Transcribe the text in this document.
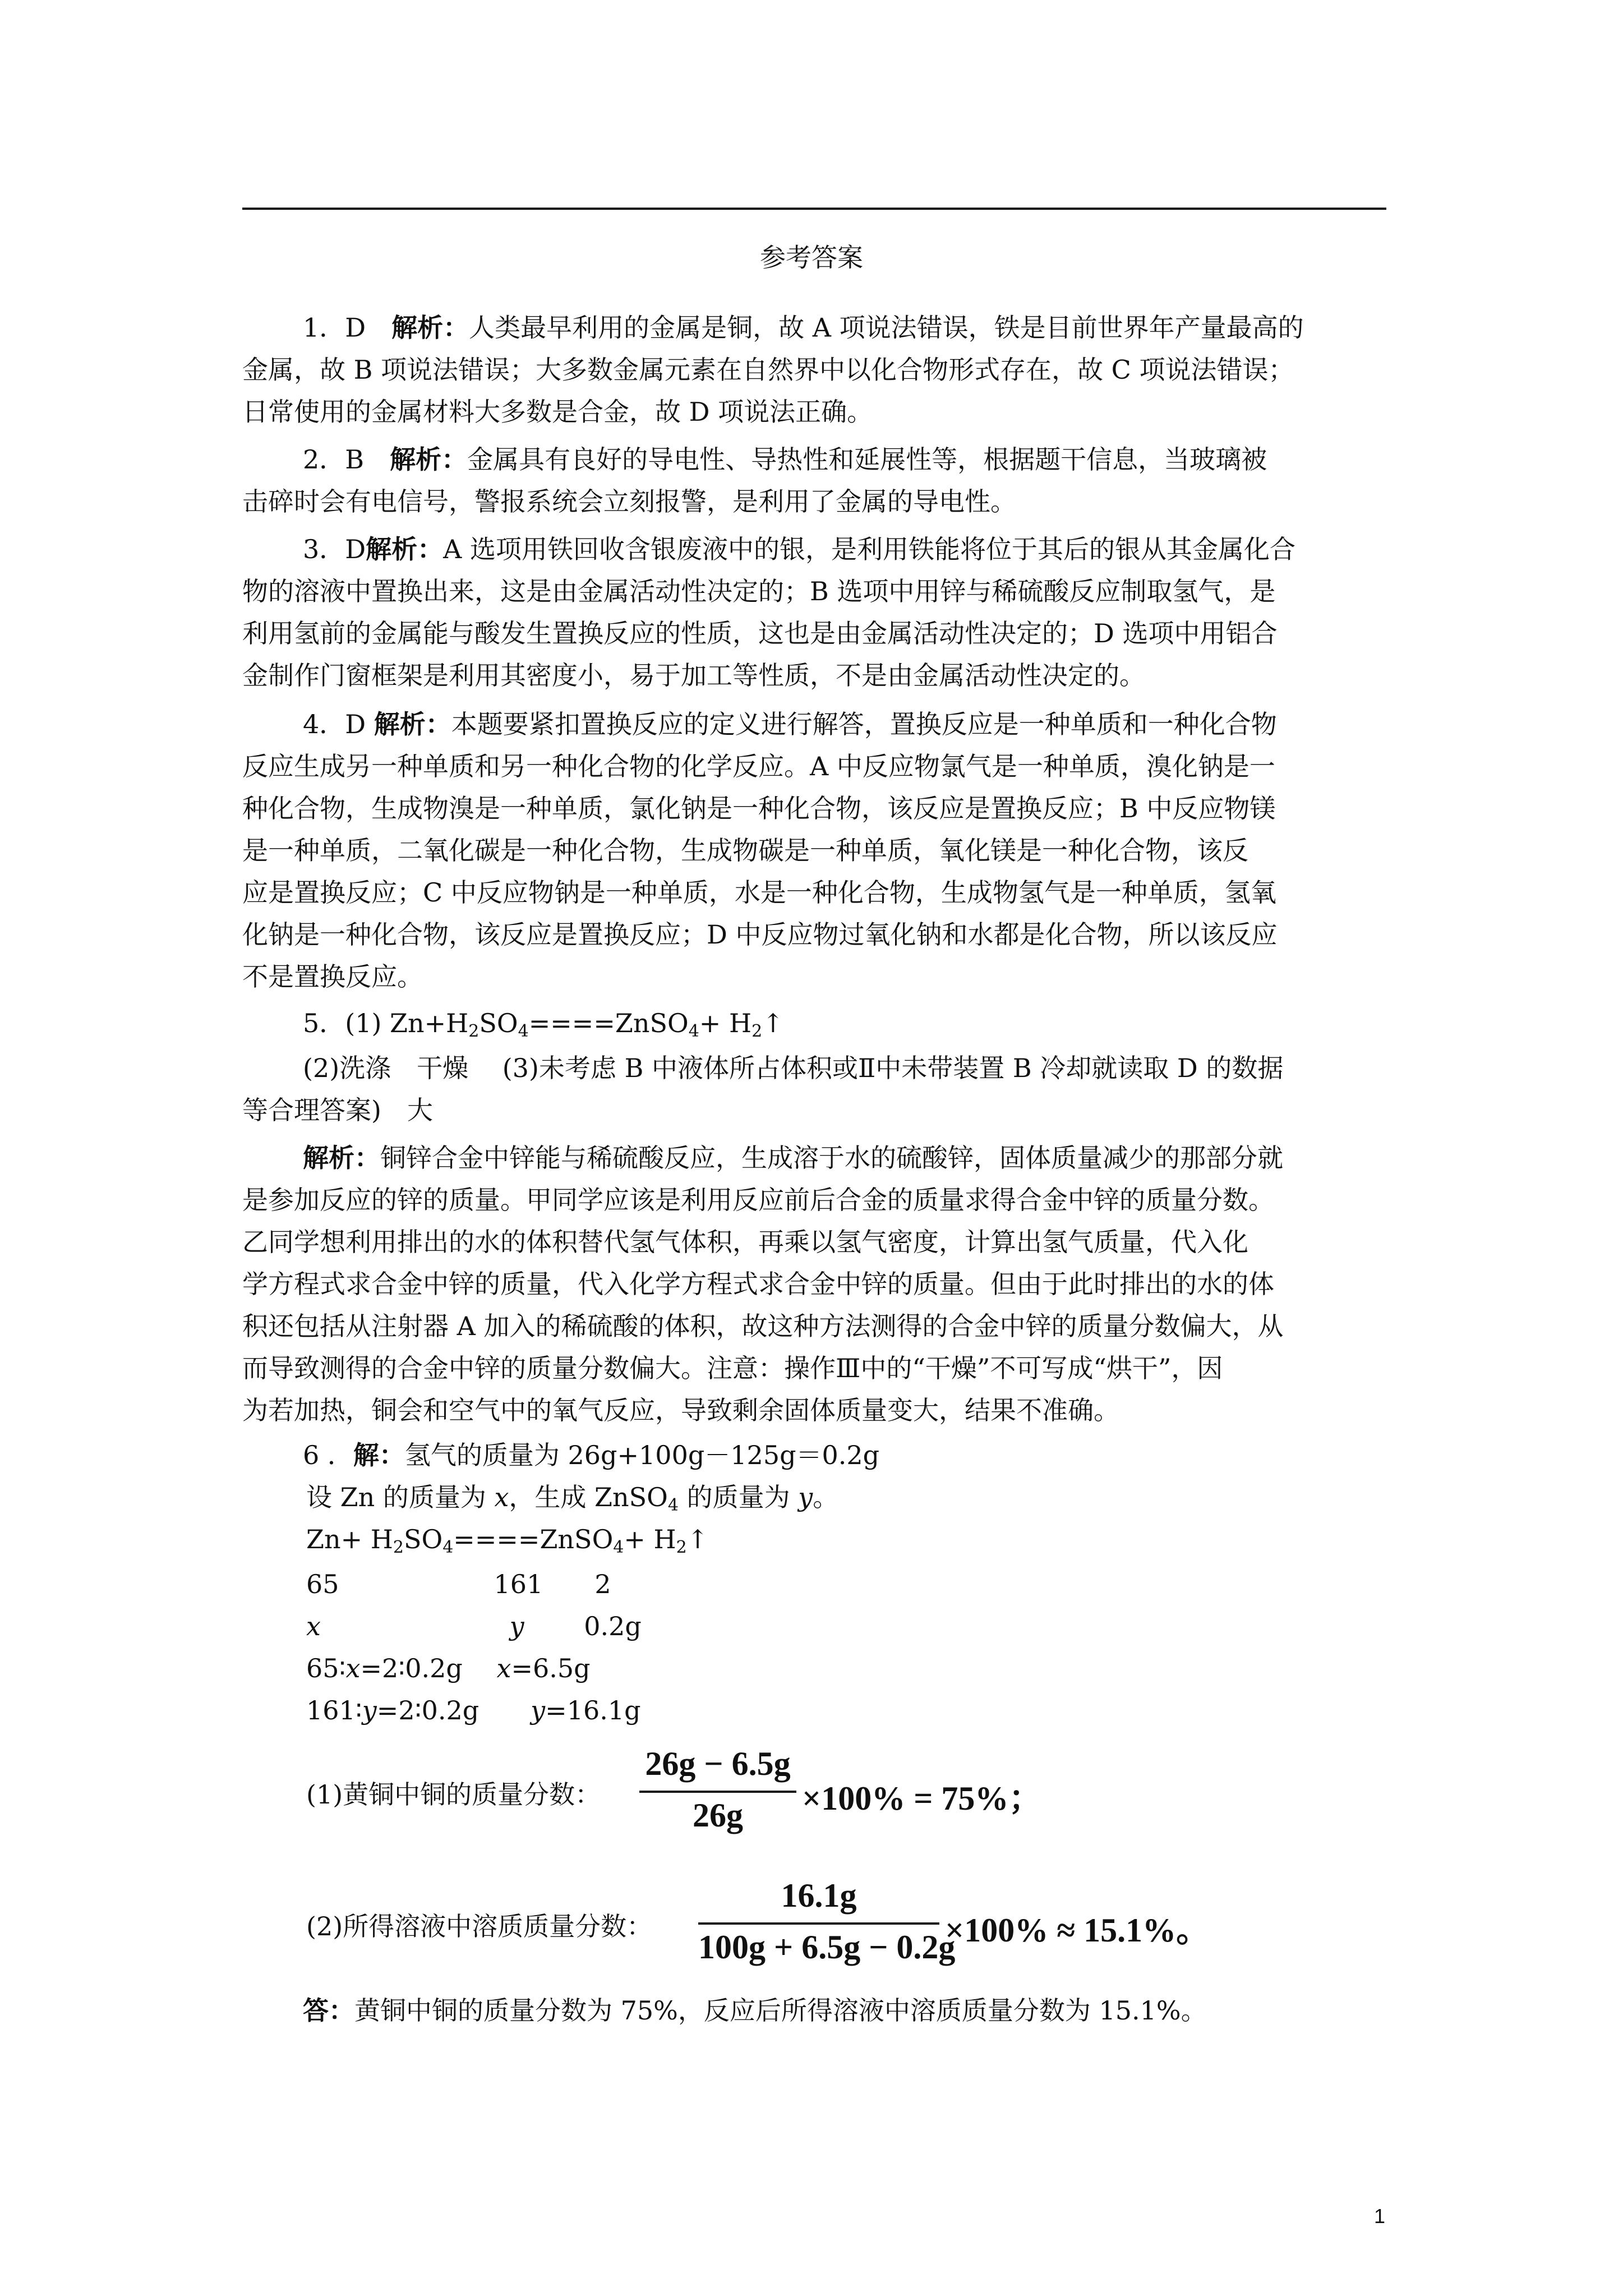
参考答案
1．D　解析：人类最早利用的金属是铜，故 A 项说法错误，铁是目前世界年产量最高的
金属，故 B 项说法错误；大多数金属元素在自然界中以化合物形式存在，故 C 项说法错误；
日常使用的金属材料大多数是合金，故 D 项说法正确。
2．B　解析：金属具有良好的导电性、导热性和延展性等，根据题干信息，当玻璃被
击碎时会有电信号，警报系统会立刻报警，是利用了金属的导电性。
3．D解析：A 选项用铁回收含银废液中的银，是利用铁能将位于其后的银从其金属化合
物的溶液中置换出来，这是由金属活动性决定的；B 选项中用锌与稀硫酸反应制取氢气，是
利用氢前的金属能与酸发生置换反应的性质，这也是由金属活动性决定的；D 选项中用铝合
金制作门窗框架是利用其密度小，易于加工等性质，不是由金属活动性决定的。
4．D 解析：本题要紧扣置换反应的定义进行解答，置换反应是一种单质和一种化合物
反应生成另一种单质和另一种化合物的化学反应。A 中反应物氯气是一种单质，溴化钠是一
种化合物，生成物溴是一种单质，氯化钠是一种化合物，该反应是置换反应；B 中反应物镁
是一种单质，二氧化碳是一种化合物，生成物碳是一种单质，氧化镁是一种化合物，该反
应是置换反应；C 中反应物钠是一种单质，水是一种化合物，生成物氢气是一种单质，氢氧
化钠是一种化合物，该反应是置换反应；D 中反应物过氧化钠和水都是化合物，所以该反应
不是置换反应。
5．(1) $Zn+H_2SO_4====ZnSO_4+$ $H_2↑$
(2)洗涤　干燥　 (3)未考虑 B 中液体所占体积或Ⅱ中未带装置 B 冷却就读取 D 的数据
等合理答案)　大
解析：铜锌合金中锌能与稀硫酸反应，生成溶于水的硫酸锌，固体质量减少的那部分就
是参加反应的锌的质量。甲同学应该是利用反应前后合金的质量求得合金中锌的质量分数。
乙同学想利用排出的水的体积替代氢气体积，再乘以氢气密度，计算出氢气质量，代入化
学方程式求合金中锌的质量，代入化学方程式求合金中锌的质量。但由于此时排出的水的体
积还包括从注射器 A 加入的稀硫酸的体积，故这种方法测得的合金中锌的质量分数偏大，从
而导致测得的合金中锌的质量分数偏大。注意：操作Ⅲ中的“干燥”不可写成“烘干”，因
为若加热，铜会和空气中的氧气反应，导致剩余固体质量变大，结果不准确。
6 ．解：氢气的质量为 26g+100g－125g＝0.2g
设 Zn 的质量为 x，生成 ZnSO$_4$ 的质量为 y。
$Zn+ H_2SO_4====ZnSO_4+$ $H_2↑$
65　　　　　　161　　2
x　　　　　　　	y　　 0.2g
65∶x=2∶0.2g　 x=6.5g
161∶y=2∶0.2g　　y=16.1g
(1)黄铜中铜的质量分数：
26g − 6.5g
26g	×100% = 75%；
(2)所得溶液中溶质质量分数：
16.1g
100g + 6.5g − 0.2g
×100% ≈ 15.1%。
答：黄铜中铜的质量分数为 75%，反应后所得溶液中溶质质量分数为 15.1%。
1
